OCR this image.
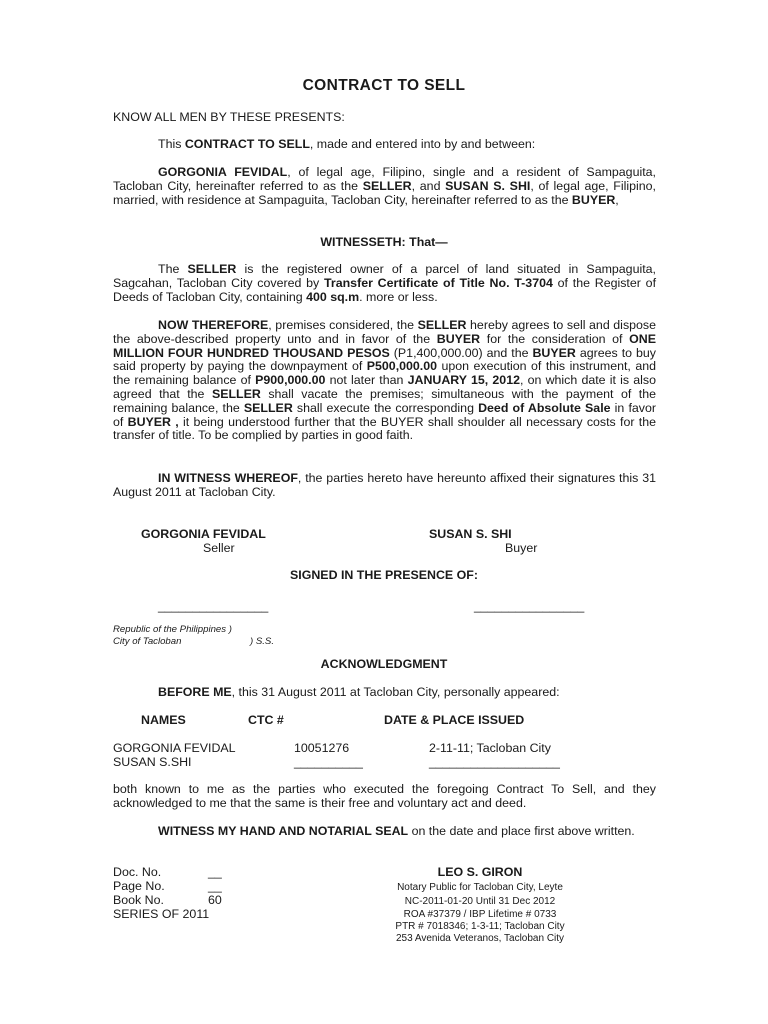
CONTRACT TO SELL
KNOW ALL MEN BY THESE PRESENTS:
This CONTRACT TO SELL, made and entered into by and between:
GORGONIA FEVIDAL, of legal age, Filipino, single and a resident of Sampaguita, Tacloban City, hereinafter referred to as the SELLER, and SUSAN S. SHI, of legal age, Filipino, married, with residence at Sampaguita, Tacloban City, hereinafter referred to as the BUYER,
WITNESSETH: That—
The SELLER is the registered owner of a parcel of land situated in Sampaguita, Sagcahan, Tacloban City covered by Transfer Certificate of Title No. T-3704 of the Register of Deeds of Tacloban City, containing 400 sq.m. more or less.
NOW THEREFORE, premises considered, the SELLER hereby agrees to sell and dispose the above-described property unto and in favor of the BUYER for the consideration of ONE MILLION FOUR HUNDRED THOUSAND PESOS (P1,400,000.00) and the BUYER agrees to buy said property by paying the downpayment of P500,000.00 upon execution of this instrument, and the remaining balance of P900,000.00 not later than JANUARY 15, 2012, on which date it is also agreed that the SELLER shall vacate the premises; simultaneous with the payment of the remaining balance, the SELLER shall execute the corresponding Deed of Absolute Sale in favor of BUYER , it being understood further that the BUYER shall shoulder all necessary costs for the transfer of title. To be complied by parties in good faith.
IN WITNESS WHEREOF, the parties hereto have hereunto affixed their signatures this 31 August 2011 at Tacloban City.
GORGONIA FEVIDAL
Seller
SUSAN S. SHI
Buyer
SIGNED IN THE PRESENCE OF:
________________	________________
Republic of the Philippines )
City of Tacloban	) S.S.
ACKNOWLEDGMENT
BEFORE ME, this 31 August 2011 at Tacloban City, personally appeared:
NAMES	CTC #	DATE & PLACE ISSUED
GORGONIA FEVIDAL	10051276	2-11-11; Tacloban City
SUSAN S.SHI	__________	___________________
both known to me as the parties who executed the foregoing Contract To Sell, and they acknowledged to me that the same is their free and voluntary act and deed.
WITNESS MY HAND AND NOTARIAL SEAL on the date and place first above written.
Doc. No.	__
Page No.	__
Book No.	60
SERIES OF 2011
LEO S. GIRON
Notary Public for Tacloban City, Leyte
NC-2011-01-20 Until 31 Dec 2012
ROA #37379 / IBP Lifetime # 0733
PTR # 7018346; 1-3-11; Tacloban City
253 Avenida Veteranos, Tacloban City
